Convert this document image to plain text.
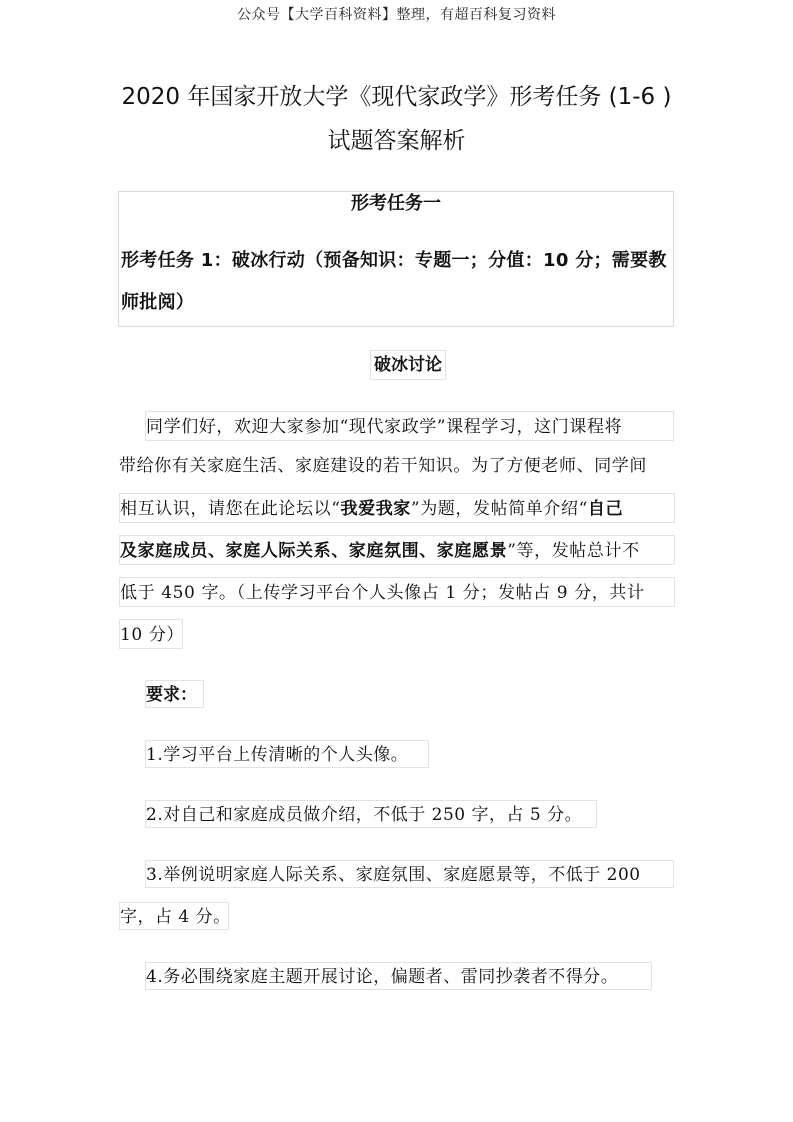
公众号【大学百科资料】整理，有超百科复习资料
2020 年国家开放大学《现代家政学》形考任务 (1-6 )
试题答案解析
形考任务一

形考任务 1：破冰行动（预备知识：专题一；分值：10 分；需要教师批阅）

破冰讨论
同学们好，欢迎大家参加“现代家政学”课程学习，这门课程将
带给你有关家庭生活、家庭建设的若干知识。为了方便老师、同学间
相互认识，请您在此论坛以“我爱我家”为题，发帖简单介绍“自己
及家庭成员、家庭人际关系、家庭氛围、家庭愿景”等，发帖总计不
低于 450 字。（上传学习平台个人头像占 1 分；发帖占 9 分，共计
10 分）
要求：
1.学习平台上传清晰的个人头像。
2.对自己和家庭成员做介绍，不低于 250 字，占 5 分。
3.举例说明家庭人际关系、家庭氛围、家庭愿景等，不低于 200
字，占 4 分。
4.务必围绕家庭主题开展讨论，偏题者、雷同抄袭者不得分。
